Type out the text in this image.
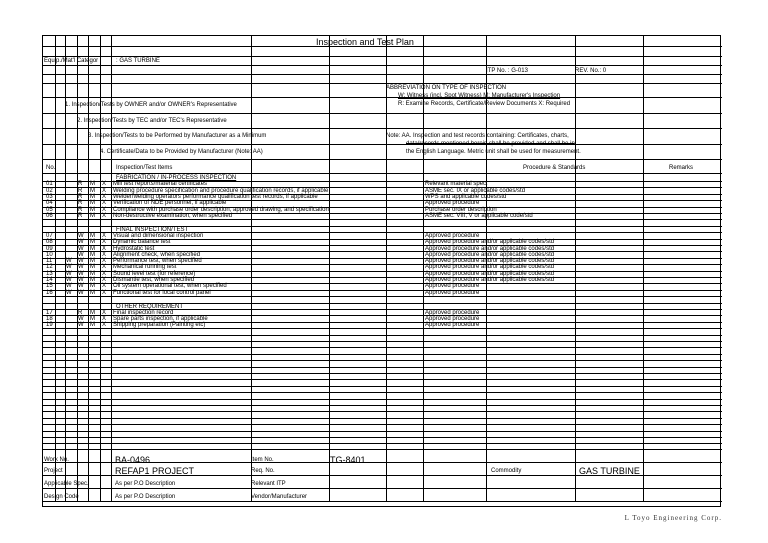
Inspection and Test Plan
Equip./Mat'l Categor	: GAS TURBINE
ITP No. : G-013	REV. No.: 0
ABBREVIATION ON TYPE OF INSPECTION
W: Witness (incl. Spot Witness) M: Manufacturer's Inspection
R: Examine Records, Certificate/Review Documents X: Required
1. Inspection/Tests by OWNER and/or OWNER's Representative
2. Inspection/Tests by TEC and/or TEC's Representative
3. Inspection/Tests to be Performed by Manufacturer as a Minimum
4. Certificate/Data to be Provided by Manufacturer (Note: AA)
Note: AA. Inspection and test records containing: Certificates, charts,
data/records mentioned herein shall be provided and shall be in
the English Language. Metric unit shall be used for measurement.
No.	Inspection/Test Items	Procedure & Standards	Remarks
FABRICATION / IN-PROCESS INSPECTION
01	R M X Mill test reports/material certificates	Relevant material spec.
02	R M X Welding procedure specification and procedure qualification records, if applicable	ASME sec. IX or applicable codes/std
03	R M X Welder/welding operators performance qualification test records, if applicable	WPS and applicable codes/std
04	R M X Verification of NDE personnel, if applicable	Approved procedure
05	R M X Compliance with purchase order description, approved drawing, and specification	Purchase order description
06	R M X Non-destructive examination, when specified	ASME sec. VIII, V or applicable code/std
FINAL INSPECTION/TEST
07	W M X Visual and dimensional inspection	Approved procedure
08	W M X Dynamic balance test	Approved procedure and/or applicable codes/std
09	W M X Hydrostatic test	Approved procedure and/or applicable codes/std
10	W M X Alignment check, when specified	Approved procedure and/or applicable codes/std
11 W W M X Performance test, when specified	Approved procedure and/or applicable codes/std
12 W W M X Mechanical running test	Approved procedure and/or applicable codes/std
13 W W M X Sound level test (for reference)	Approved procedure and/or applicable codes/std
14 W W M X Dismantle test, when specified	Approved procedure and/or applicable codes/std
15 W W M X Oil system operational test, when specified	Approved procedure
16 W W M X Functional test for local control panel	Approved procedure
OTHER REQUIREMENT
17	R M X Final inspection record	Approved procedure
18	W M X Spare parts inspection, if applicable	Approved procedure
19	W M X Shipping preparation (Painting etc)	Approved procedure
Work No.	BA-0496	Item No.	TG-8401
Project	REFAP1 PROJECT	Req. No.	Commodity	GAS TURBINE
Applicable Spec.	As per P.O Description	Relevant ITP
Design Code	As per P.O Description	Vendor/Manufacturer
L Toyo Engineering Corp.
